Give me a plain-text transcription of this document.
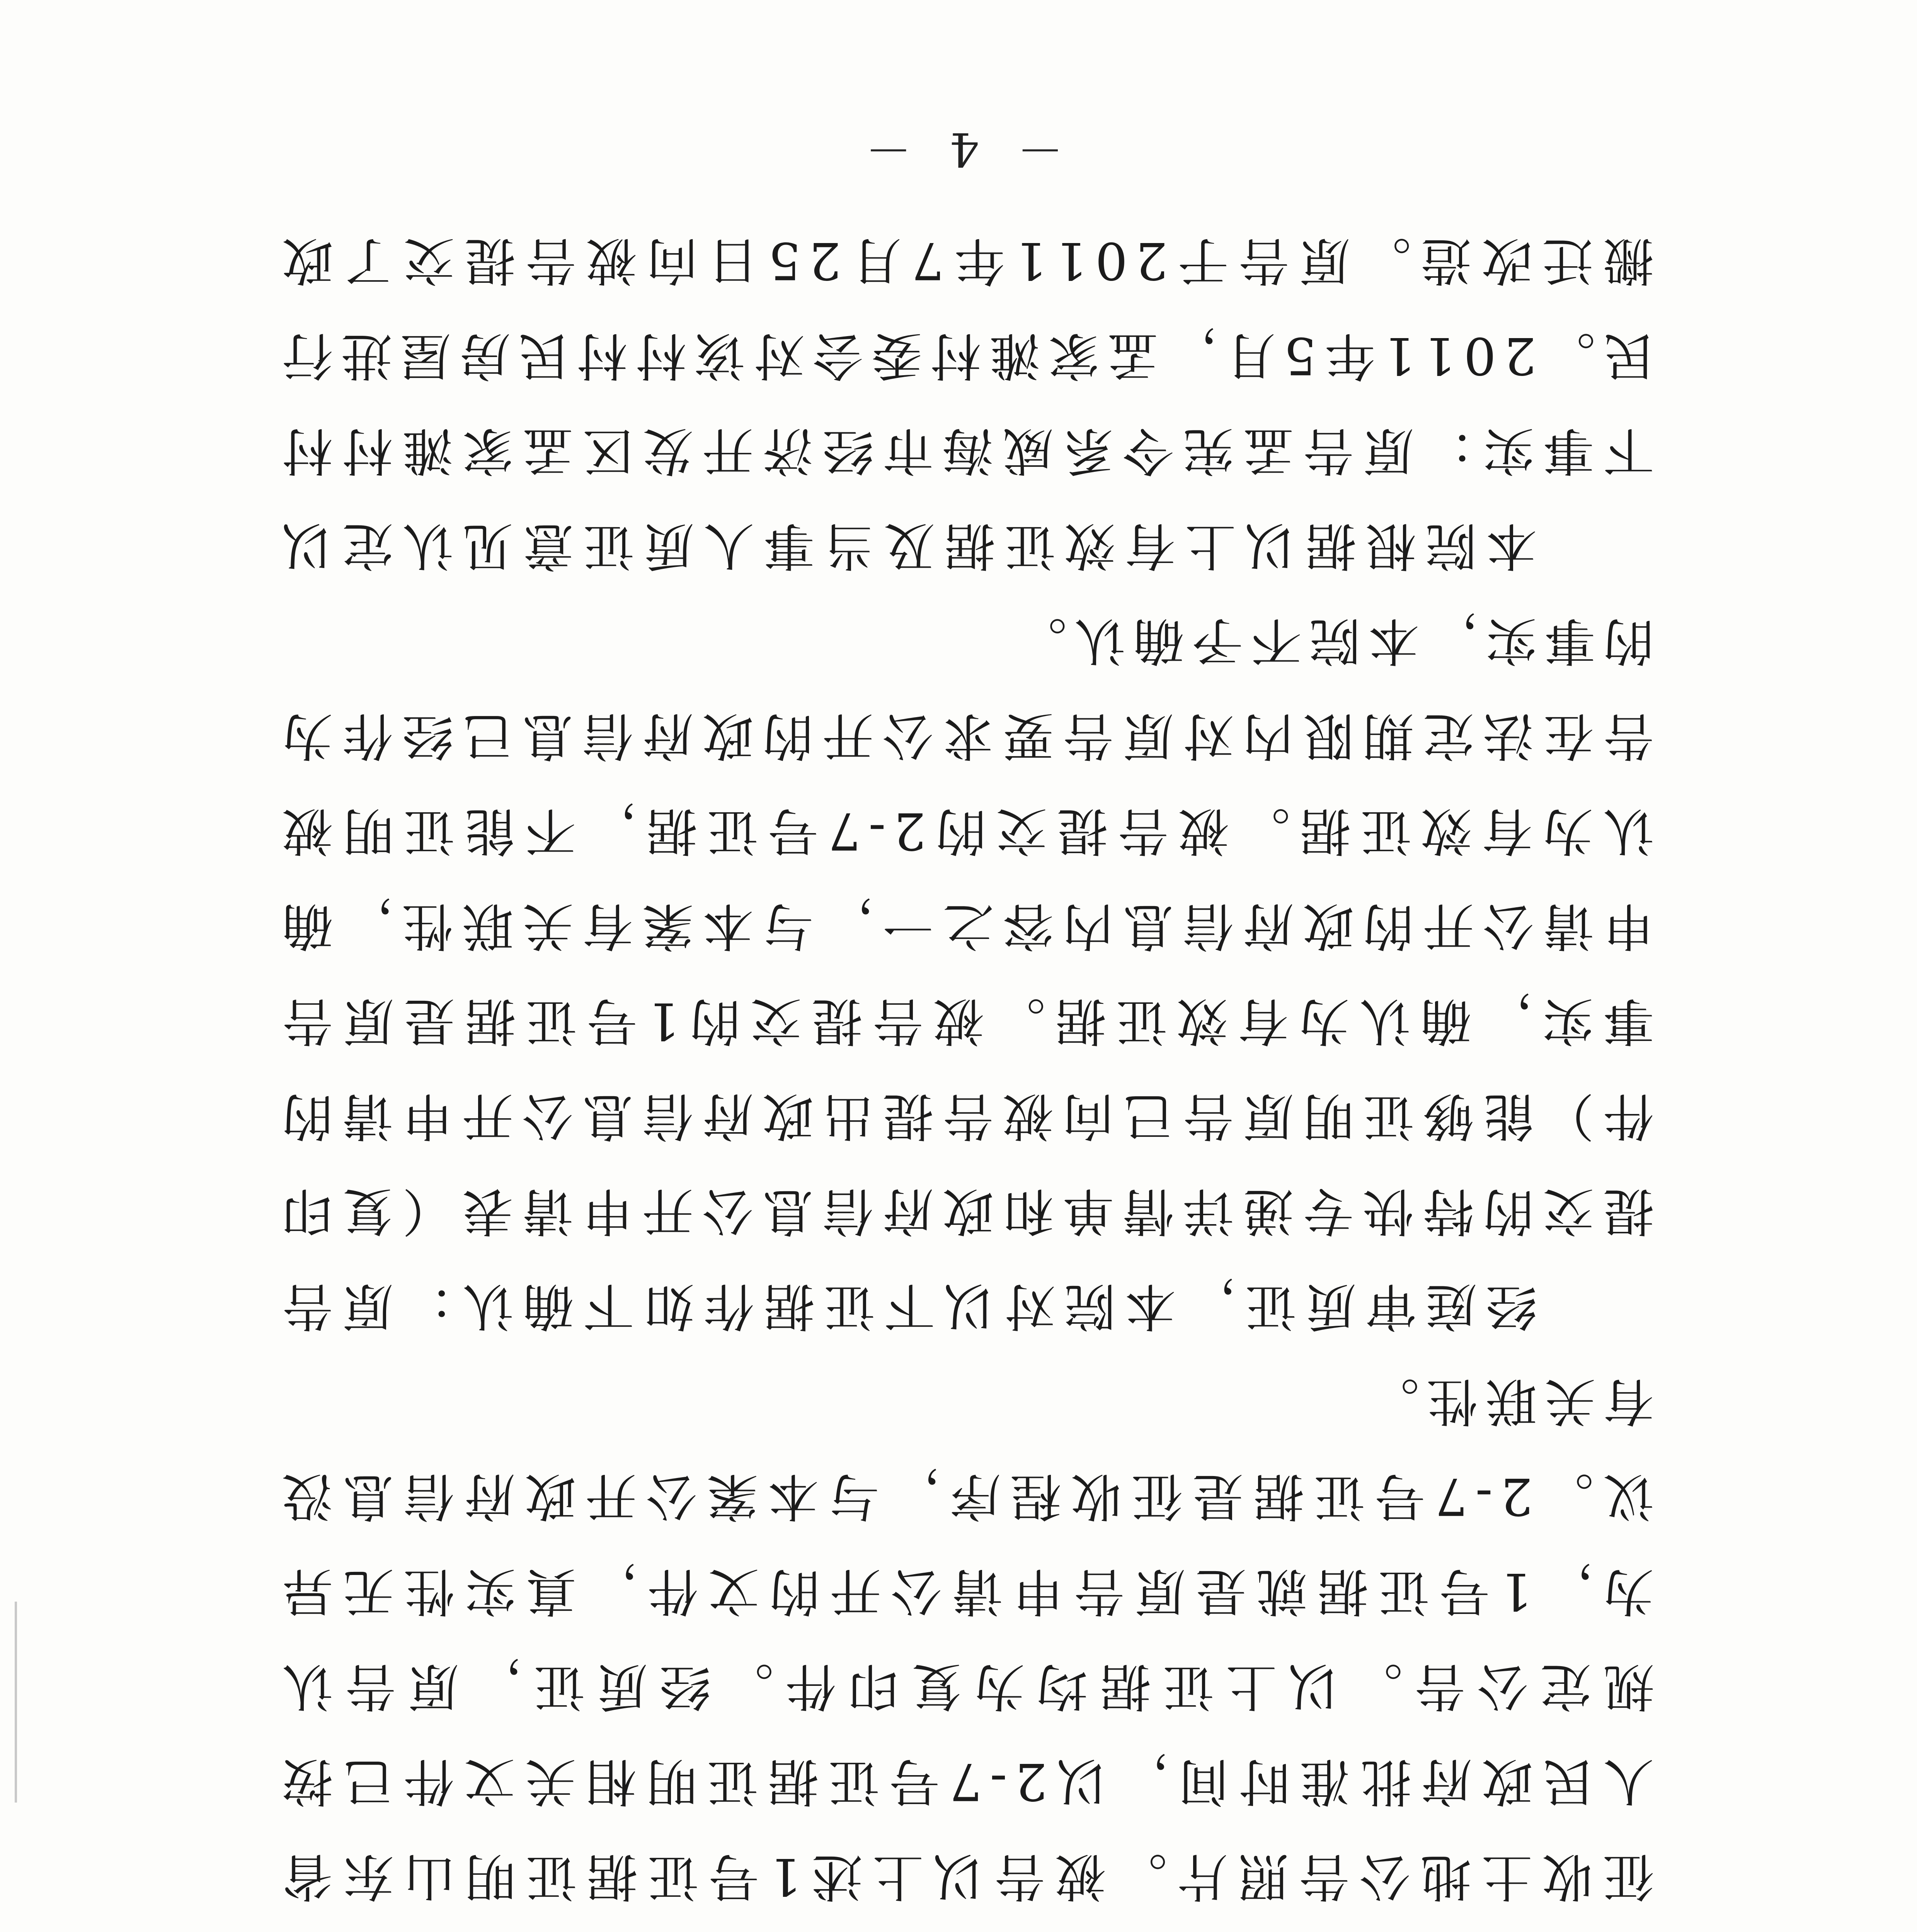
征收土地公告照片。被告以上述1号证据证明山东省人民政府批准时间，以2-7号证据证明相关文件已按规定公告。以上证据均为复印件。经质证，原告认为，1号证据就是原告申请公开的文件，真实性无异议。2-7号证据是征收程序，与本案公开政府信息没有关联性。

经庭审质证，本院对以下证据作如下确认：原告提交的特快专递详情单和政府信息公开申请表（复印件）能够证明原告已向被告提出政府信息公开申请的事实，确认为有效证据。被告提交的1号证据是原告申请公开的政府信息内容之一，与本案有关联性，确认为有效证据。被告提交的2-7号证据，不能证明被告在法定期限内对原告要求公开的政府信息已经作为的事实，本院不予确认。

本院根据以上有效证据及当事人质证意见认定以下事实：原告孟宪令系威海市经济开发区孟家滩村村民。2011年5月，孟家滩村委会对该村村民房屋进行搬迁改造。原告于2011年7月25日向被告提交了政

－ 4 －
